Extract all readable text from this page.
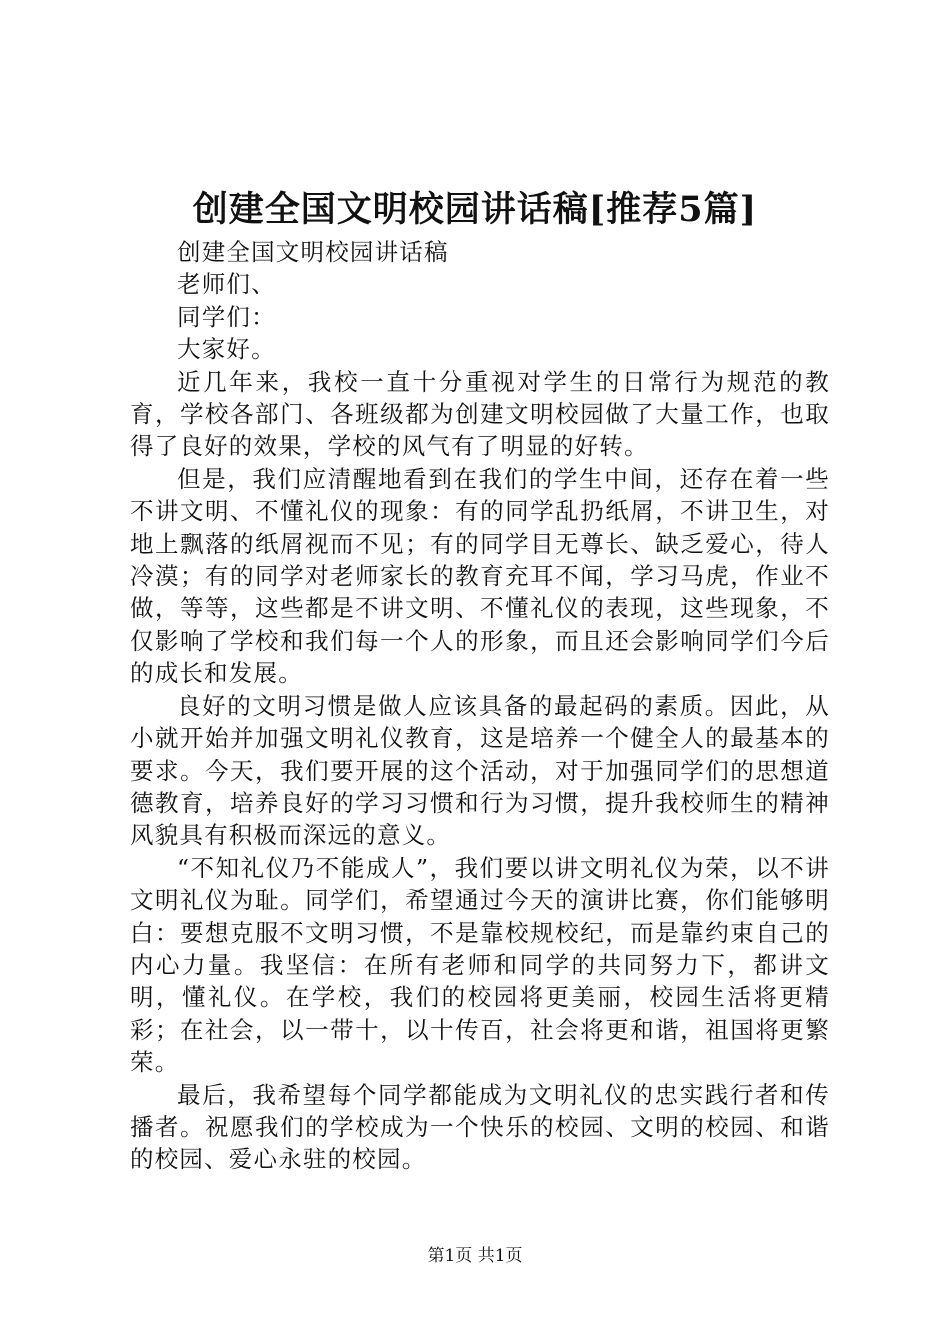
创建全国文明校园讲话稿[推荐5篇]

创建全国文明校园讲话稿

老师们、

同学们：

大家好。

近几年来，我校一直十分重视对学生的日常行为规范的教育，学校各部门、各班级都为创建文明校园做了大量工作，也取得了良好的效果，学校的风气有了明显的好转。

但是，我们应清醒地看到在我们的学生中间，还存在着一些不讲文明、不懂礼仪的现象：有的同学乱扔纸屑，不讲卫生，对地上飘落的纸屑视而不见；有的同学目无尊长、缺乏爱心，待人冷漠；有的同学对老师家长的教育充耳不闻，学习马虎，作业不做，等等，这些都是不讲文明、不懂礼仪的表现，这些现象，不仅影响了学校和我们每一个人的形象，而且还会影响同学们今后的成长和发展。

良好的文明习惯是做人应该具备的最起码的素质。因此，从小就开始并加强文明礼仪教育，这是培养一个健全人的最基本的要求。今天，我们要开展的这个活动，对于加强同学们的思想道德教育，培养良好的学习习惯和行为习惯，提升我校师生的精神风貌具有积极而深远的意义。

“不知礼仪乃不能成人”，我们要以讲文明礼仪为荣，以不讲文明礼仪为耻。同学们，希望通过今天的演讲比赛，你们能够明白：要想克服不文明习惯，不是靠校规校纪，而是靠约束自己的内心力量。我坚信：在所有老师和同学的共同努力下，都讲文明，懂礼仪。在学校，我们的校园将更美丽，校园生活将更精彩；在社会，以一带十，以十传百，社会将更和谐，祖国将更繁荣。

最后，我希望每个同学都能成为文明礼仪的忠实践行者和传播者。祝愿我们的学校成为一个快乐的校园、文明的校园、和谐的校园、爱心永驻的校园。

第1页 共1页
